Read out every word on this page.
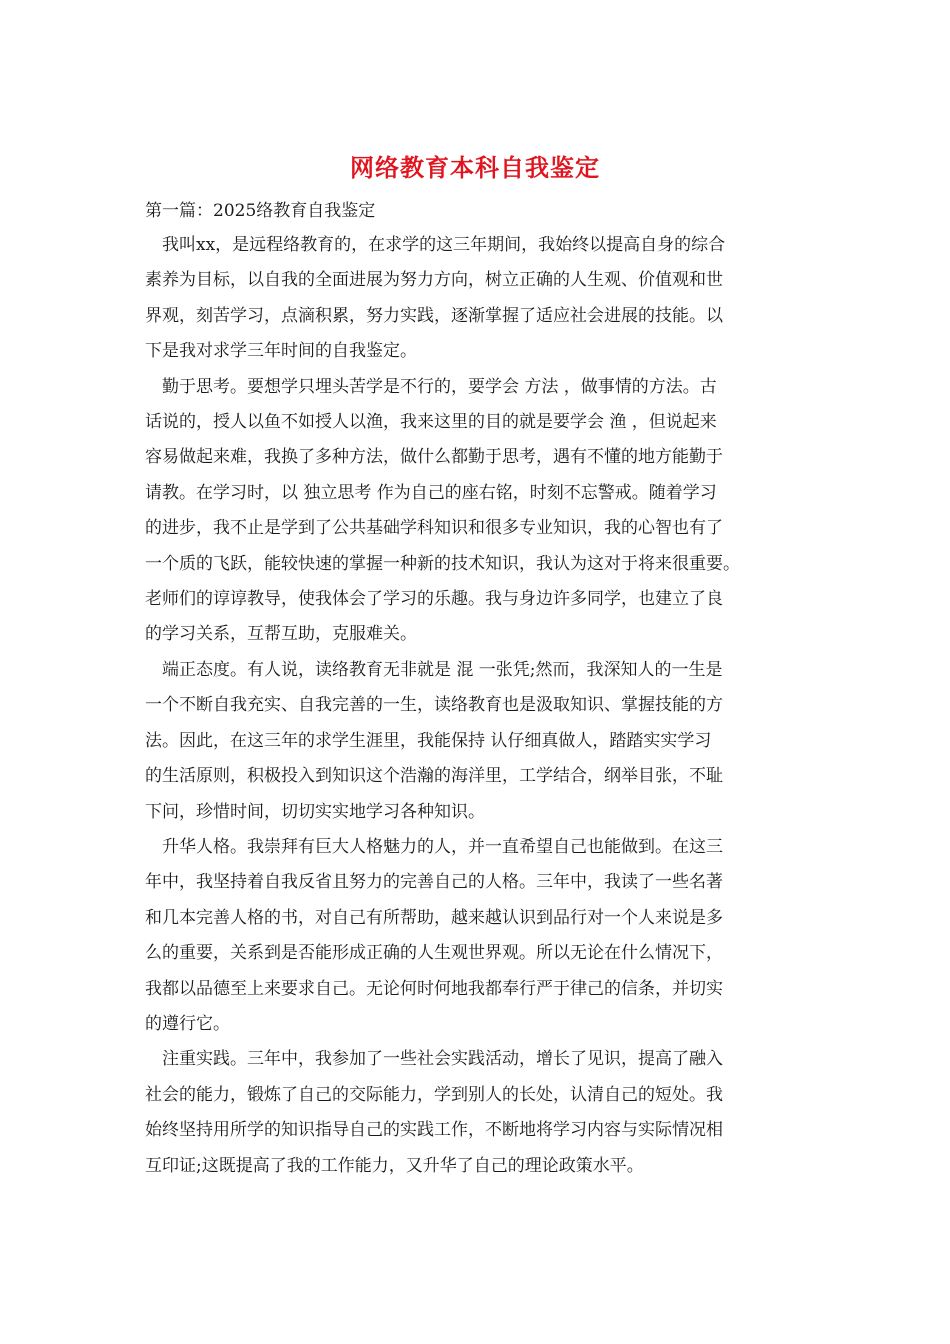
网络教育本科自我鉴定
第一篇：2025络教育自我鉴定

我叫xx，是远程络教育的，在求学的这三年期间，我始终以提高自身的综合
素养为目标，以自我的全面进展为努力方向，树立正确的人生观、价值观和世
界观，刻苦学习，点滴积累，努力实践，逐渐掌握了适应社会进展的技能。以
下是我对求学三年时间的自我鉴定。

勤于思考。要想学只埋头苦学是不行的，要学会 方法 ，做事情的方法。古
话说的，授人以鱼不如授人以渔，我来这里的目的就是要学会 渔 ，但说起来
容易做起来难，我换了多种方法，做什么都勤于思考，遇有不懂的地方能勤于
请教。在学习时，以 独立思考 作为自己的座右铭，时刻不忘警戒。随着学习
的进步，我不止是学到了公共基础学科知识和很多专业知识，我的心智也有了
一个质的飞跃，能较快速的掌握一种新的技术知识，我认为这对于将来很重要。
老师们的谆谆教导，使我体会了学习的乐趣。我与身边许多同学，也建立了良
的学习关系，互帮互助，克服难关。

端正态度。有人说，读络教育无非就是 混 一张凭;然而，我深知人的一生是
一个不断自我充实、自我完善的一生，读络教育也是汲取知识、掌握技能的方
法。因此，在这三年的求学生涯里，我能保持 认仔细真做人，踏踏实实学习
的生活原则，积极投入到知识这个浩瀚的海洋里，工学结合，纲举目张，不耻
下问，珍惜时间，切切实实地学习各种知识。

升华人格。我崇拜有巨大人格魅力的人，并一直希望自己也能做到。在这三
年中，我坚持着自我反省且努力的完善自己的人格。三年中，我读了一些名著
和几本完善人格的书，对自己有所帮助，越来越认识到品行对一个人来说是多
么的重要，关系到是否能形成正确的人生观世界观。所以无论在什么情况下，
我都以品德至上来要求自己。无论何时何地我都奉行严于律己的信条，并切实
的遵行它。

注重实践。三年中，我参加了一些社会实践活动，增长了见识，提高了融入
社会的能力，锻炼了自己的交际能力，学到别人的长处，认清自己的短处。我
始终坚持用所学的知识指导自己的实践工作，不断地将学习内容与实际情况相
互印证;这既提高了我的工作能力，又升华了自己的理论政策水平。
